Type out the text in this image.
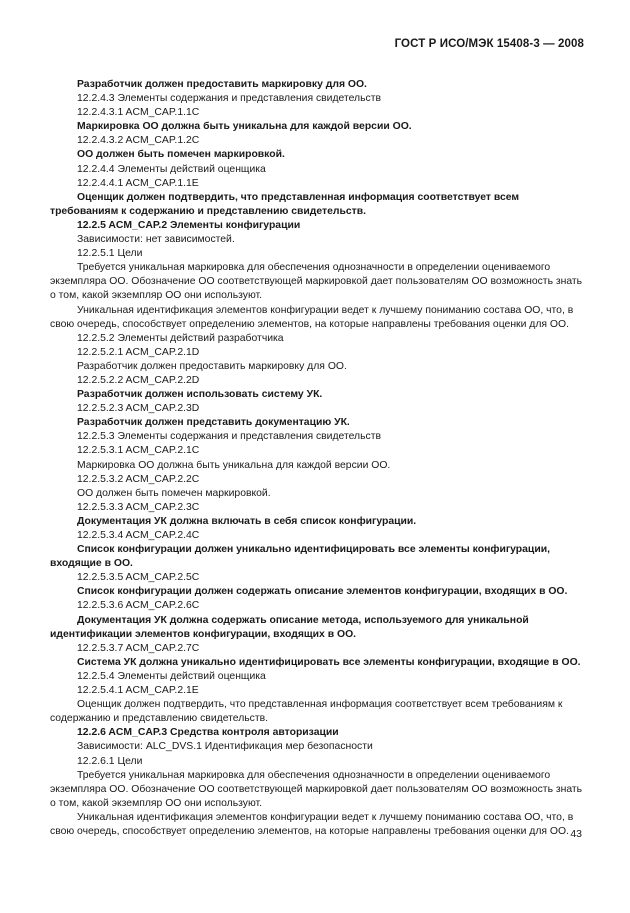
ГОСТ Р ИСО/МЭК 15408-3 — 2008
Разработчик должен предоставить маркировку для ОО.
12.2.4.3 Элементы содержания и представления свидетельств
12.2.4.3.1 ACM_CAP.1.1C
Маркировка ОО должна быть уникальна для каждой версии ОО.
12.2.4.3.2 ACM_CAP.1.2C
ОО должен быть помечен маркировкой.
12.2.4.4 Элементы действий оценщика
12.2.4.4.1 ACM_CAP.1.1E
Оценщик должен подтвердить, что представленная информация соответствует всем требованиям к содержанию и представлению свидетельств.
12.2.5 ACM_CAP.2 Элементы конфигурации
Зависимости: нет зависимостей.
12.2.5.1 Цели
Требуется уникальная маркировка для обеспечения однозначности в определении оцениваемого экземпляра ОО. Обозначение ОО соответствующей маркировкой дает пользователям ОО возможность знать о том, какой экземпляр ОО они используют.
Уникальная идентификация элементов конфигурации ведет к лучшему пониманию состава ОО, что, в свою очередь, способствует определению элементов, на которые направлены требования оценки для ОО.
12.2.5.2 Элементы действий разработчика
12.2.5.2.1 ACM_CAP.2.1D
Разработчик должен предоставить маркировку для ОО.
12.2.5.2.2 ACM_CAP.2.2D
Разработчик должен использовать систему УК.
12.2.5.2.3 ACM_CAP.2.3D
Разработчик должен представить документацию УК.
12.2.5.3 Элементы содержания и представления свидетельств
12.2.5.3.1 ACM_CAP.2.1C
Маркировка ОО должна быть уникальна для каждой версии ОО.
12.2.5.3.2 ACM_CAP.2.2C
ОО должен быть помечен маркировкой.
12.2.5.3.3 ACM_CAP.2.3C
Документация УК должна включать в себя список конфигурации.
12.2.5.3.4 ACM_CAP.2.4C
Список конфигурации должен уникально идентифицировать все элементы конфигурации, входящие в ОО.
12.2.5.3.5 ACM_CAP.2.5C
Список конфигурации должен содержать описание элементов конфигурации, входящих в ОО.
12.2.5.3.6 ACM_CAP.2.6C
Документация УК должна содержать описание метода, используемого для уникальной идентификации элементов конфигурации, входящих в ОО.
12.2.5.3.7 ACM_CAP.2.7C
Система УК должна уникально идентифицировать все элементы конфигурации, входящие в ОО.
12.2.5.4 Элементы действий оценщика
12.2.5.4.1 ACM_CAP.2.1E
Оценщик должен подтвердить, что представленная информация соответствует всем требованиям к содержанию и представлению свидетельств.
12.2.6 ACM_CAP.3 Средства контроля авторизации
Зависимости: ALC_DVS.1 Идентификация мер безопасности
12.2.6.1 Цели
Требуется уникальная маркировка для обеспечения однозначности в определении оцениваемого экземпляра ОО. Обозначение ОО соответствующей маркировкой дает пользователям ОО возможность знать о том, какой экземпляр ОО они используют.
Уникальная идентификация элементов конфигурации ведет к лучшему пониманию состава ОО, что, в свою очередь, способствует определению элементов, на которые направлены требования оценки для ОО. 43
